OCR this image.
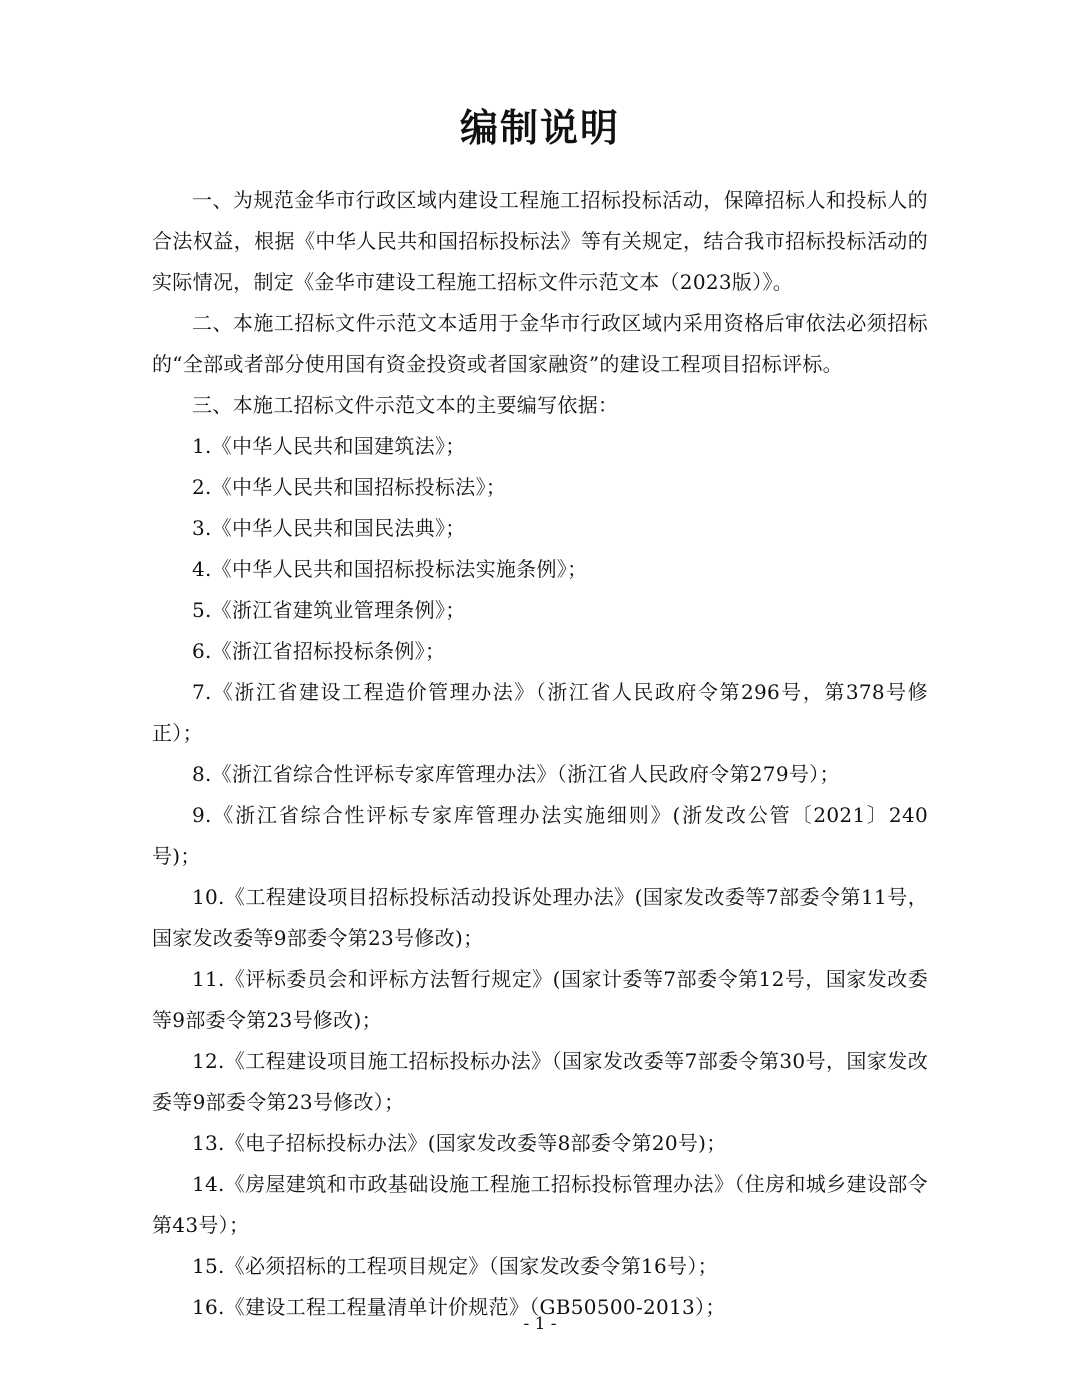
编制说明

一、为规范金华市行政区域内建设工程施工招标投标活动，保障招标人和投标人的合法权益，根据《中华人民共和国招标投标法》等有关规定，结合我市招标投标活动的实际情况，制定《金华市建设工程施工招标文件示范文本（2023版）》。

二、本施工招标文件示范文本适用于金华市行政区域内采用资格后审依法必须招标的“全部或者部分使用国有资金投资或者国家融资”的建设工程项目招标评标。

三、本施工招标文件示范文本的主要编写依据：

1.《中华人民共和国建筑法》；

2.《中华人民共和国招标投标法》；

3.《中华人民共和国民法典》；

4.《中华人民共和国招标投标法实施条例》；

5.《浙江省建筑业管理条例》；

6.《浙江省招标投标条例》；

7.《浙江省建设工程造价管理办法》（浙江省人民政府令第296号，第378号修正）；

8.《浙江省综合性评标专家库管理办法》（浙江省人民政府令第279号）；

9.《浙江省综合性评标专家库管理办法实施细则》(浙发改公管〔2021〕240号)；

10.《工程建设项目招标投标活动投诉处理办法》(国家发改委等7部委令第11号，国家发改委等9部委令第23号修改)；

11.《评标委员会和评标方法暂行规定》(国家计委等7部委令第12号，国家发改委等9部委令第23号修改)；

12.《工程建设项目施工招标投标办法》（国家发改委等7部委令第30号，国家发改委等9部委令第23号修改）；

13.《电子招标投标办法》(国家发改委等8部委令第20号)；

14.《房屋建筑和市政基础设施工程施工招标投标管理办法》（住房和城乡建设部令第43号）；

15.《必须招标的工程项目规定》（国家发改委令第16号）；

16.《建设工程工程量清单计价规范》（GB50500-2013）；

- 1 -
